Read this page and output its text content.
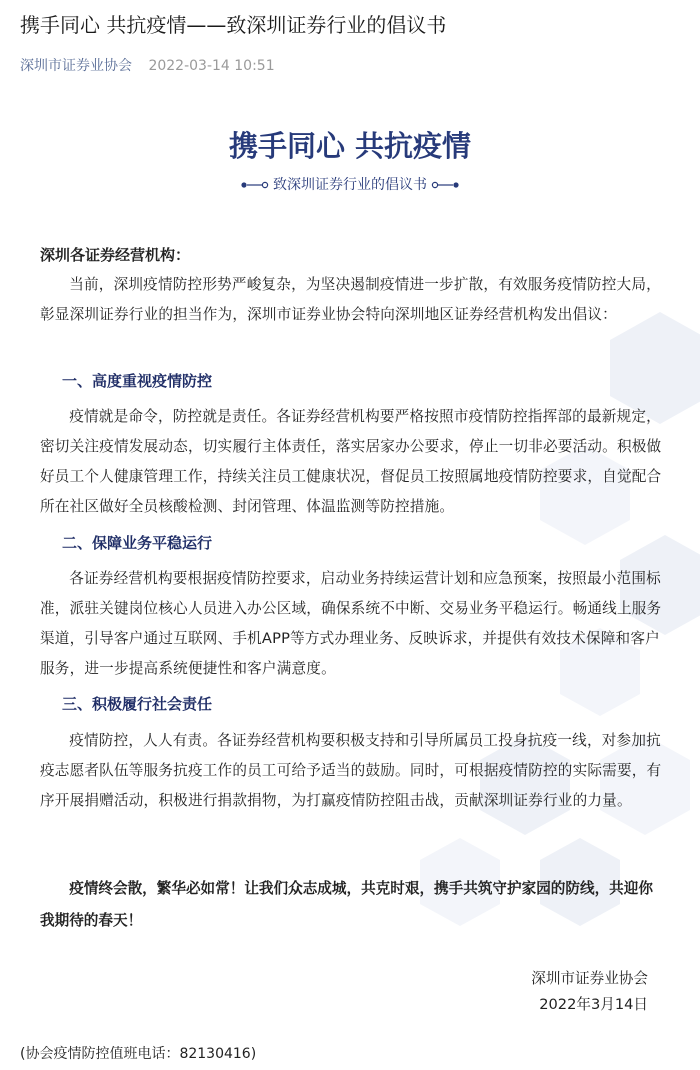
携手同心 共抗疫情——致深圳证券行业的倡议书
深圳市证券业协会 2022-03-14 10:51
携手同心 共抗疫情
致深圳证券行业的倡议书
深圳各证券经营机构：

当前，深圳疫情防控形势严峻复杂，为坚决遏制疫情进一步扩散，有效服务疫情防控大局，彰显深圳证券行业的担当作为，深圳市证券业协会特向深圳地区证券经营机构发出倡议：

一、高度重视疫情防控

疫情就是命令，防控就是责任。各证券经营机构要严格按照市疫情防控指挥部的最新规定，密切关注疫情发展动态，切实履行主体责任，落实居家办公要求，停止一切非必要活动。积极做好员工个人健康管理工作，持续关注员工健康状况，督促员工按照属地疫情防控要求，自觉配合所在社区做好全员核酸检测、封闭管理、体温监测等防控措施。

二、保障业务平稳运行

各证券经营机构要根据疫情防控要求，启动业务持续运营计划和应急预案，按照最小范围标准，派驻关键岗位核心人员进入办公区域，确保系统不中断、交易业务平稳运行。畅通线上服务渠道，引导客户通过互联网、手机APP等方式办理业务、反映诉求，并提供有效技术保障和客户服务，进一步提高系统便捷性和客户满意度。

三、积极履行社会责任

疫情防控，人人有责。各证券经营机构要积极支持和引导所属员工投身抗疫一线，对参加抗疫志愿者队伍等服务抗疫工作的员工可给予适当的鼓励。同时，可根据疫情防控的实际需要，有序开展捐赠活动，积极进行捐款捐物，为打赢疫情防控阻击战，贡献深圳证券行业的力量。

疫情终会散，繁华必如常！让我们众志成城，共克时艰，携手共筑守护家园的防线，共迎你我期待的春天！

深圳市证券业协会
2022年3月14日
(协会疫情防控值班电话：82130416)
